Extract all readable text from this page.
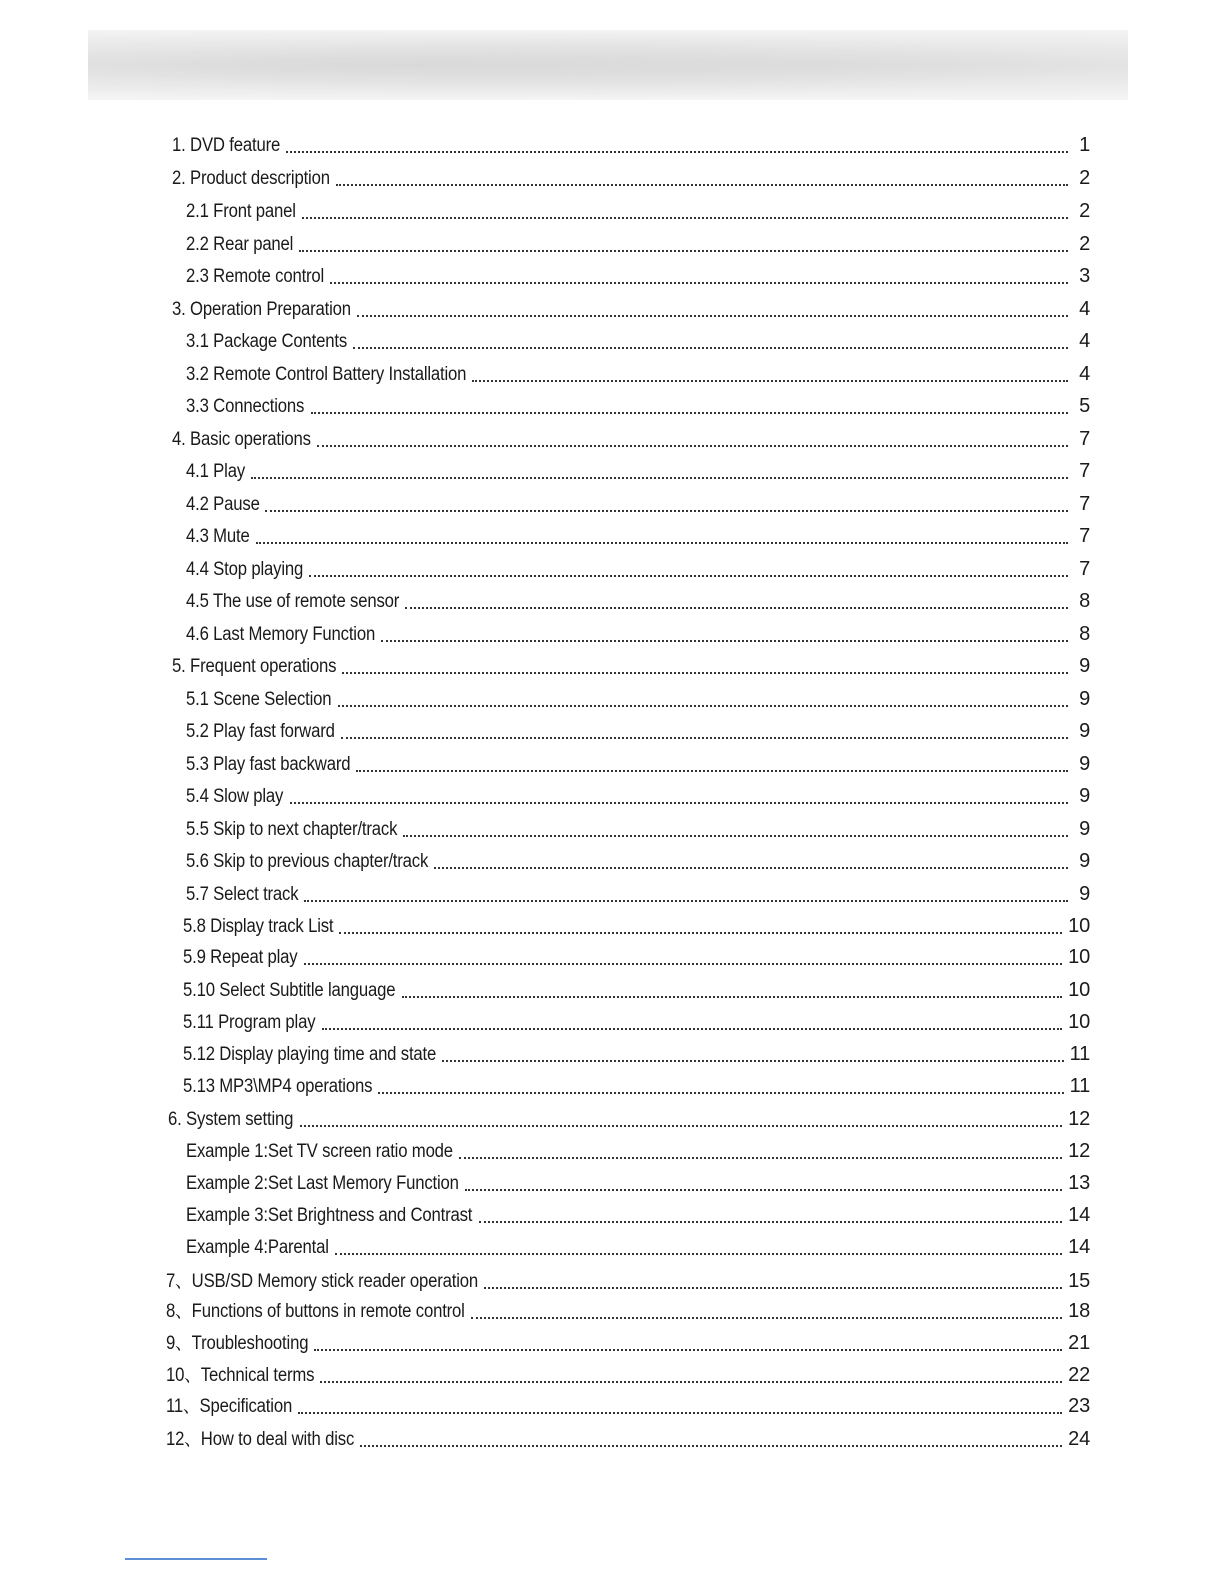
1. DVD feature	1
2. Product description	2
2.1 Front panel	2
2.2 Rear panel	2
2.3 Remote control	3
3. Operation Preparation	4
3.1 Package Contents	4
3.2 Remote Control Battery Installation	4
3.3 Connections	5
4. Basic operations	7
4.1 Play	7
4.2 Pause	7
4.3 Mute	7
4.4 Stop playing	7
4.5 The use of remote sensor	8
4.6 Last Memory Function	8
5. Frequent operations	9
5.1 Scene Selection	9
5.2 Play fast forward	9
5.3 Play fast backward	9
5.4 Slow play	9
5.5 Skip to next chapter/track	9
5.6 Skip to previous chapter/track	9
5.7 Select track	9
5.8 Display track List	10
5.9 Repeat play	10
5.10 Select Subtitle language	10
5.11 Program play	10
5.12 Display playing time and state	11
5.13 MP3\MP4 operations	11
6. System setting	12
Example 1:Set TV screen ratio mode	12
Example 2:Set Last Memory Function	13
Example 3:Set Brightness and Contrast	14
Example 4:Parental	14
7、USB/SD Memory stick reader operation	15
8、Functions of buttons in remote control	18
9、Troubleshooting	21
10、Technical terms	22
11、Specification	23
12、How to deal with disc	24
